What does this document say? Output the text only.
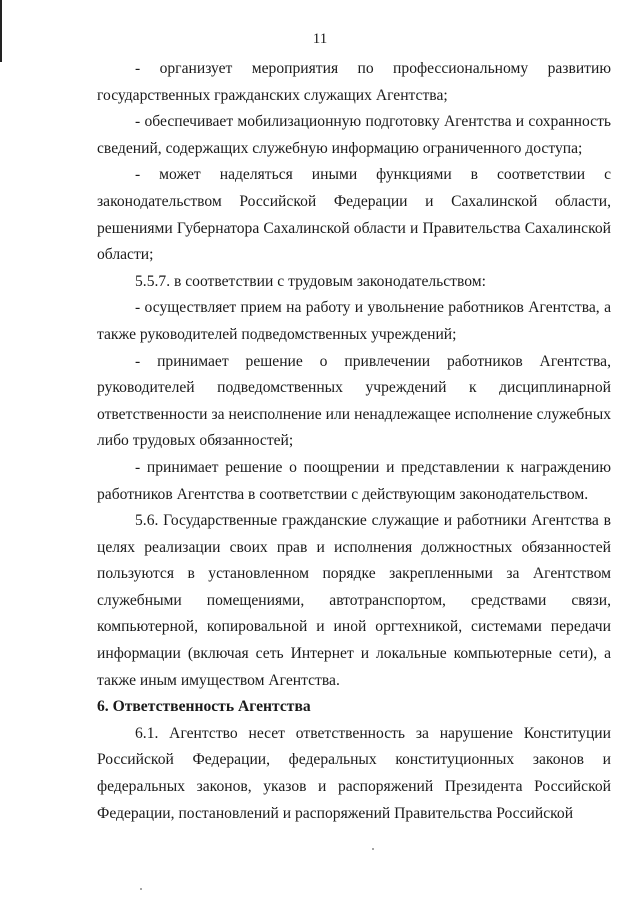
11

- организует мероприятия по профессиональному развитию государственных гражданских служащих Агентства;

- обеспечивает мобилизационную подготовку Агентства и сохранность сведений, содержащих служебную информацию ограниченного доступа;

- может наделяться иными функциями в соответствии с законодательством Российской Федерации и Сахалинской области, решениями Губернатора Сахалинской области и Правительства Сахалинской области;

5.5.7. в соответствии с трудовым законодательством:

- осуществляет прием на работу и увольнение работников Агентства, а также руководителей подведомственных учреждений;

- принимает решение о привлечении работников Агентства, руководителей подведомственных учреждений к дисциплинарной ответственности за неисполнение или ненадлежащее исполнение служебных либо трудовых обязанностей;

- принимает решение о поощрении и представлении к награждению работников Агентства в соответствии с действующим законодательством.

5.6. Государственные гражданские служащие и работники Агентства в целях реализации своих прав и исполнения должностных обязанностей пользуются в установленном порядке закрепленными за Агентством служебными помещениями, автотранспортом, средствами связи, компьютерной, копировальной и иной оргтехникой, системами передачи информации (включая сеть Интернет и локальные компьютерные сети), а также иным имуществом Агентства.

6. Ответственность Агентства

6.1. Агентство несет ответственность за нарушение Конституции Российской Федерации, федеральных конституционных законов и федеральных законов, указов и распоряжений Президента Российской Федерации, постановлений и распоряжений Правительства Российской
